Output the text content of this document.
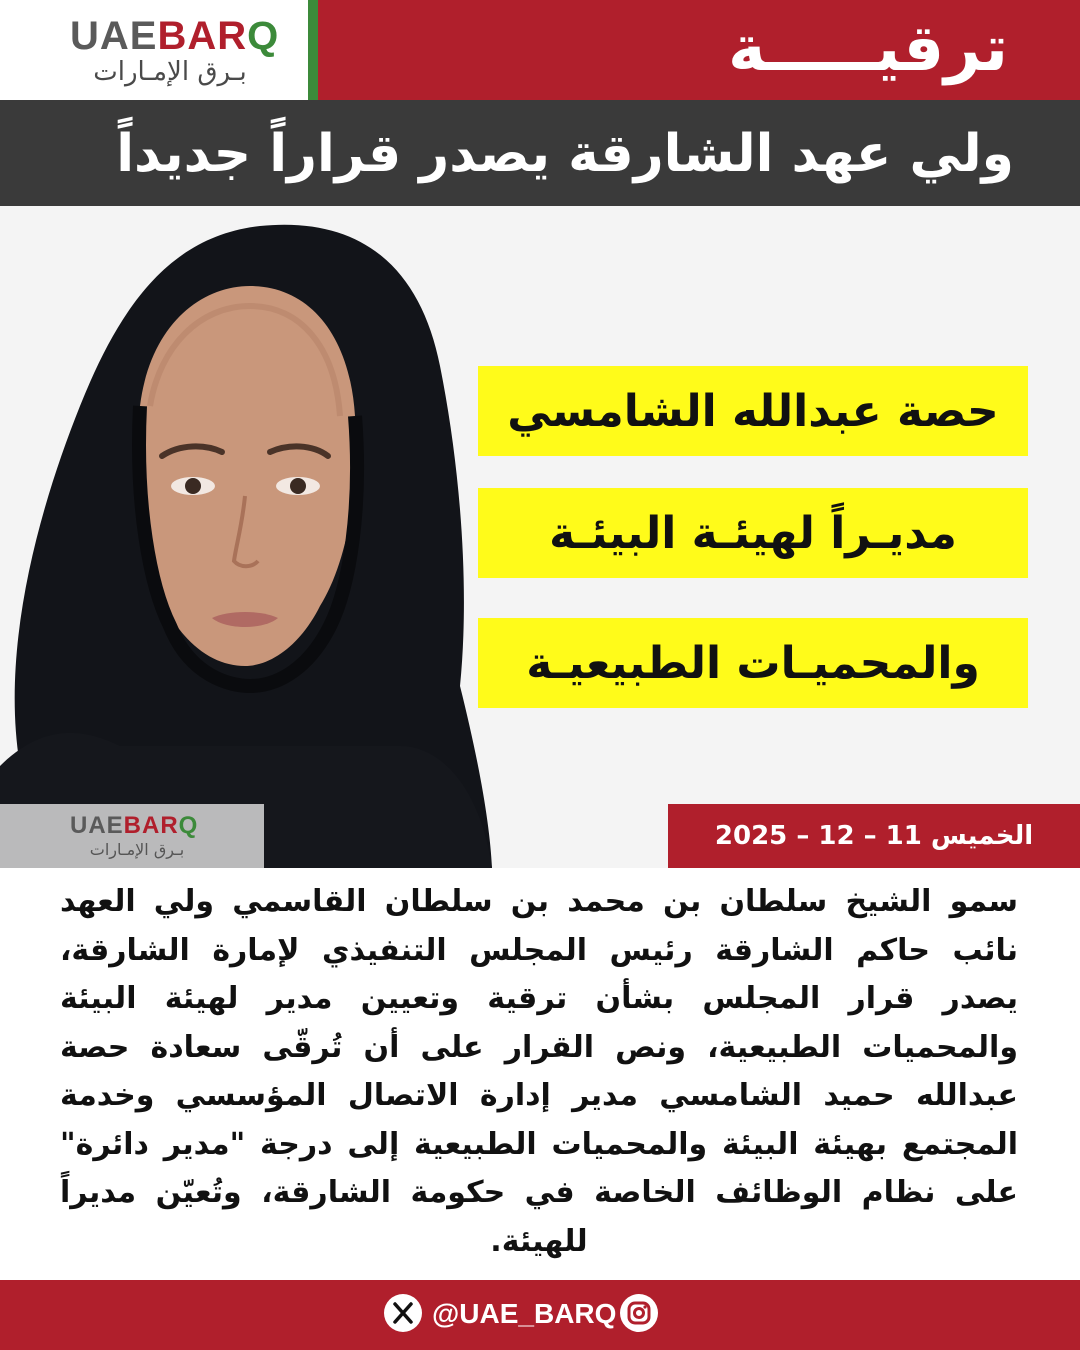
UAEBARQ
بـرق الإمـارات	ترقيـــــة
ولي عهد الشارقة يصدر قراراً جديداً
حصة عبدالله الشامسي
مديـراً لهيئـة البيئـة
والمحميـات الطبيعيـة
UAEBARQ
بـرق الإمـارات	الخميس 11 – 12 – 2025
سمو الشيخ سلطان بن محمد بن سلطان القاسمي ولي العهد نائب حاكم الشارقة رئيس المجلس التنفيذي لإمارة الشارقة، يصدر قرار المجلس بشأن ترقية وتعيين مدير لهيئة البيئة والمحميات الطبيعية، ونص القرار على أن تُرقّى سعادة حصة عبدالله حميد الشامسي مدير إدارة الاتصال المؤسسي وخدمة المجتمع بهيئة البيئة والمحميات الطبيعية إلى درجة "مدير دائرة" على نظام الوظائف الخاصة في حكومة الشارقة، وتُعيّن مديراً للهيئة.
@UAE_BARQ
